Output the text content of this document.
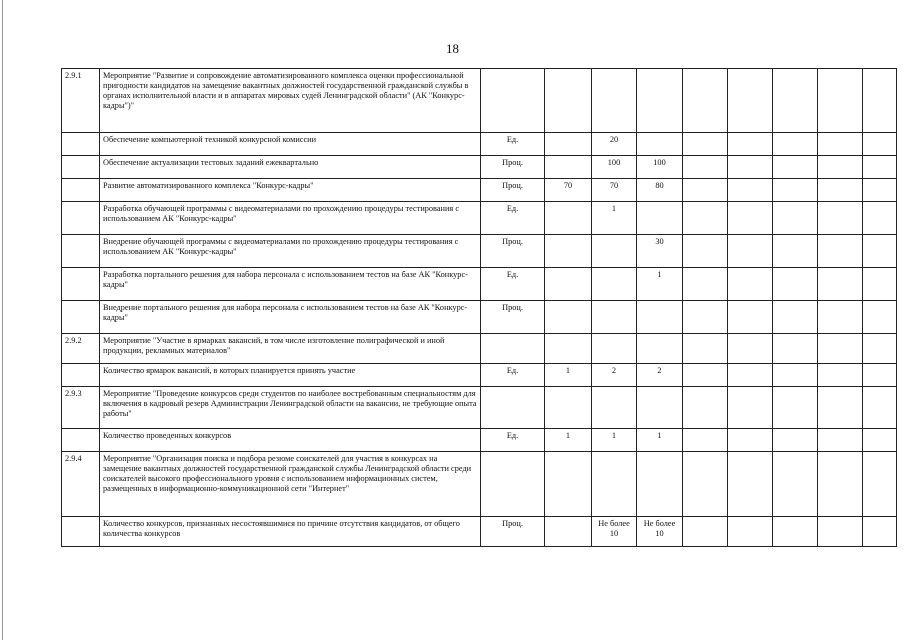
18
2.9.1	Мероприятие "Развитие и сопровождение автоматизированного комплекса оценки профессиональной пригодности кандидатов на замещение вакантных должностей государственной гражданской службы в органах исполнительной власти и в аппаратах мировых судей Ленинградской области" (АК "Конкурс-кадры")"									
	Обеспечение компьютерной техникой конкурсной комиссии	Ед.		20						
	Обеспечение актуализации тестовых заданий ежеквартально	Проц.		100	100					
	Развитие автоматизированного комплекса "Конкурс-кадры"	Проц.	70	70	80					
	Разработка обучающей программы с видеоматериалами по прохождению процедуры тестирования с использованием АК "Конкурс-кадры"	Ед.		1						
	Внедрение обучающей программы с видеоматериалами по прохождению процедуры тестирования с использованием АК "Конкурс-кадры"	Проц.			30					
	Разработка портального решения для набора персонала с использованием тестов на базе АК "Конкурс-кадры"	Ед.			1					
	Внедрение портального решения для набора персонала с использованием тестов на базе АК "Конкурс-кадры"	Проц.								
2.9.2	Мероприятие "Участие в ярмарках вакансий, в том числе изготовление полиграфической и иной продукции, рекламных материалов"									
	Количество ярмарок вакансий, в которых планируется принять участие	Ед.	1	2	2					
2.9.3	Мероприятие "Проведение конкурсов среди студентов по наиболее востребованным специальностям для включения в кадровый резерв Администрации Ленинградской области на вакансии, не требующие опыта работы"									
	Количество проведенных конкурсов	Ед.	1	1	1					
2.9.4	Мероприятие "Организация поиска и подбора резюме соискателей для участия в конкурсах на замещение вакантных должностей государственной гражданской службы Ленинградской области среди соискателей высокого профессионального уровня с использованием информационных систем, размещенных в информационно-коммуникационной сети "Интернет"									
	Количество конкурсов, признанных несостоявшимися по причине отсутствия кандидатов, от общего количества конкурсов	Проц.		Не более 10	Не более 10					
